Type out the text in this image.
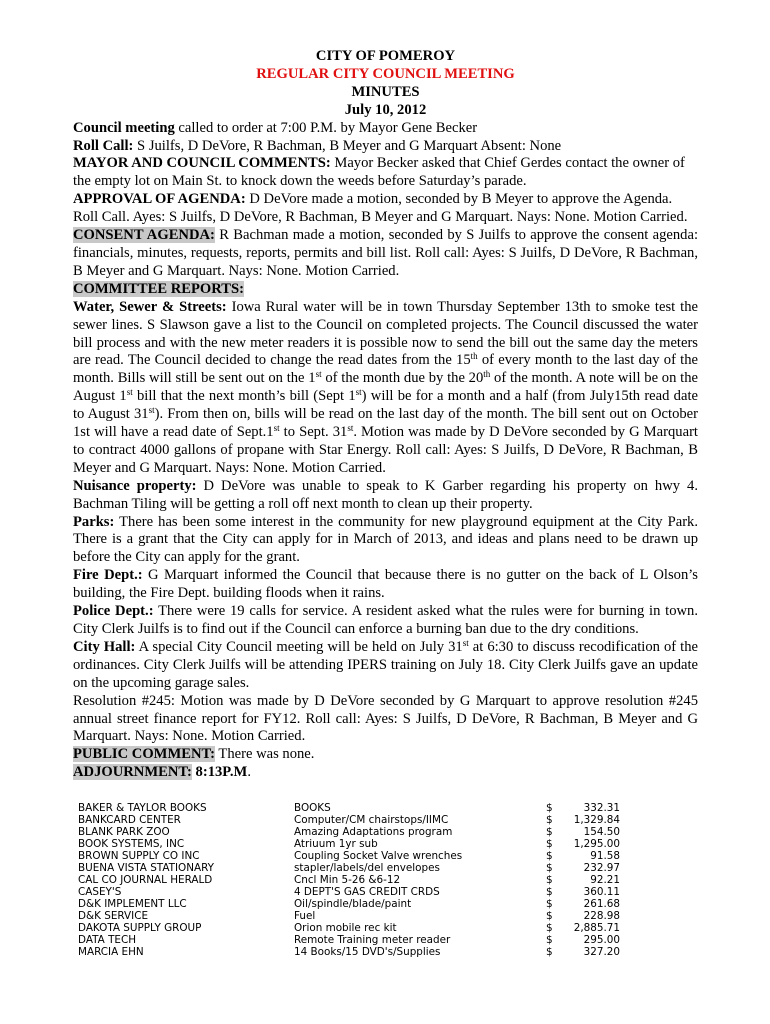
CITY OF POMEROY
REGULAR CITY COUNCIL MEETING
MINUTES
July 10, 2012

Council meeting called to order at 7:00 P.M. by Mayor Gene Becker

Roll Call: S Juilfs, D DeVore, R Bachman, B Meyer and G Marquart Absent: None

MAYOR AND COUNCIL COMMENTS: Mayor Becker asked that Chief Gerdes contact the owner of the empty lot on Main St. to knock down the weeds before Saturday’s parade.

APPROVAL OF AGENDA: D DeVore made a motion, seconded by B Meyer to approve the Agenda. Roll Call. Ayes: S Juilfs, D DeVore, R Bachman, B Meyer and G Marquart. Nays: None. Motion Carried.

CONSENT AGENDA: R Bachman made a motion, seconded by S Juilfs to approve the consent agenda: financials, minutes, requests, reports, permits and bill list. Roll call: Ayes: S Juilfs, D DeVore, R Bachman, B Meyer and G Marquart. Nays: None. Motion Carried.

COMMITTEE REPORTS:

Water, Sewer & Streets: Iowa Rural water will be in town Thursday September 13th to smoke test the sewer lines. S Slawson gave a list to the Council on completed projects. The Council discussed the water bill process and with the new meter readers it is possible now to send the bill out the same day the meters are read. The Council decided to change the read dates from the 15th of every month to the last day of the month. Bills will still be sent out on the 1st of the month due by the 20th of the month. A note will be on the August 1st bill that the next month’s bill (Sept 1st) will be for a month and a half (from July15th read date to August 31st). From then on, bills will be read on the last day of the month. The bill sent out on October 1st will have a read date of Sept.1st to Sept. 31st. Motion was made by D DeVore seconded by G Marquart to contract 4000 gallons of propane with Star Energy. Roll call: Ayes: S Juilfs, D DeVore, R Bachman, B Meyer and G Marquart. Nays: None. Motion Carried.

Nuisance property: D DeVore was unable to speak to K Garber regarding his property on hwy 4. Bachman Tiling will be getting a roll off next month to clean up their property.

Parks: There has been some interest in the community for new playground equipment at the City Park. There is a grant that the City can apply for in March of 2013, and ideas and plans need to be drawn up before the City can apply for the grant.

Fire Dept.: G Marquart informed the Council that because there is no gutter on the back of L Olson’s building, the Fire Dept. building floods when it rains.

Police Dept.: There were 19 calls for service. A resident asked what the rules were for burning in town. City Clerk Juilfs is to find out if the Council can enforce a burning ban due to the dry conditions.

City Hall: A special City Council meeting will be held on July 31st at 6:30 to discuss recodification of the ordinances. City Clerk Juilfs will be attending IPERS training on July 18. City Clerk Juilfs gave an update on the upcoming garage sales.

Resolution #245: Motion was made by D DeVore seconded by G Marquart to approve resolution #245 annual street finance report for FY12. Roll call: Ayes: S Juilfs, D DeVore, R Bachman, B Meyer and G Marquart. Nays: None. Motion Carried.

PUBLIC COMMENT: There was none.

ADJOURNMENT: 8:13P.M.

BAKER & TAYLOR BOOKS	BOOKS	$	332.31
BANKCARD CENTER	Computer/CM chairstops/IIMC	$	1,329.84
BLANK PARK ZOO	Amazing Adaptations program	$	154.50
BOOK SYSTEMS, INC	Atriuum 1yr sub	$	1,295.00
BROWN SUPPLY CO INC	Coupling Socket Valve wrenches	$	91.58
BUENA VISTA STATIONARY	stapler/labels/del envelopes	$	232.97
CAL CO JOURNAL HERALD	Cncl Min 5-26 &6-12	$	92.21
CASEY'S	4 DEPT'S GAS CREDIT CRDS	$	360.11
D&K IMPLEMENT LLC	Oil/spindle/blade/paint	$	261.68
D&K SERVICE	Fuel	$	228.98
DAKOTA SUPPLY GROUP	Orion mobile rec kit	$	2,885.71
DATA TECH	Remote Training meter reader	$	295.00
MARCIA EHN	14 Books/15 DVD's/Supplies	$	327.20
